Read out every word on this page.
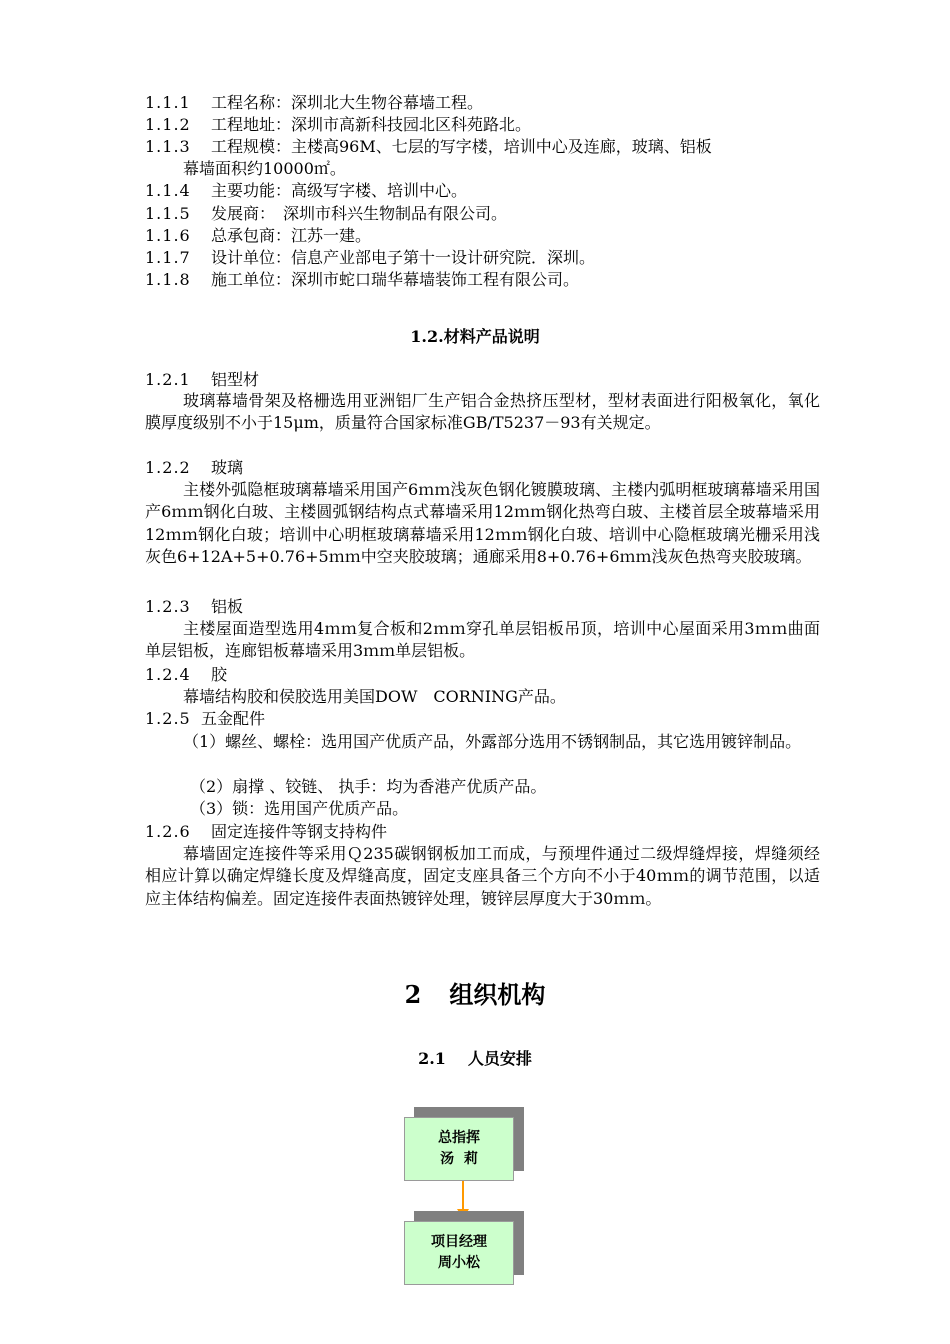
1.1.1 工程名称：深圳北大生物谷幕墙工程。
1.1.2 工程地址：深圳市高新科技园北区科苑路北。
1.1.3 工程规模：主楼高96M、七层的写字楼，培训中心及连廊，玻璃、铝板
幕墙面积约10000㎡。
1.1.4 主要功能：高级写字楼、培训中心。
1.1.5 发展商：　深圳市科兴生物制品有限公司。
1.1.6 总承包商：江苏一建。
1.1.7 设计单位：信息产业部电子第十一设计研究院．深圳。
1.1.8 施工单位：深圳市蛇口瑞华幕墙装饰工程有限公司。
1.2.材料产品说明
1.2.1 铝型材
玻璃幕墙骨架及格栅选用亚洲铝厂生产铝合金热挤压型材，型材表面进行阳极氧化，氧化膜厚度级别不小于15μm，质量符合国家标准GB/T5237－93有关规定。
1.2.2 玻璃
主楼外弧隐框玻璃幕墙采用国产6ｍｍ浅灰色钢化镀膜玻璃、主楼内弧明框玻璃幕墙采用国产6ｍｍ钢化白玻、主楼圆弧钢结构点式幕墙采用12ｍｍ钢化热弯白玻、主楼首层全玻幕墙采用12ｍｍ钢化白玻；培训中心明框玻璃幕墙采用12ｍｍ钢化白玻、培训中心隐框玻璃光栅采用浅灰色6+12A+5+0.76+5ｍｍ中空夹胶玻璃；通廊采用8+0.76+6ｍｍ浅灰色热弯夹胶玻璃。
1.2.3 铝板
主楼屋面造型选用4ｍｍ复合板和2ｍｍ穿孔单层铝板吊顶，培训中心屋面采用3ｍｍ曲面单层铝板，连廊铝板幕墙采用3ｍｍ单层铝板。
1.2.4 胶
幕墙结构胶和侯胶选用美国DOW　CORNING产品。
1.2.5 五金配件
（1）螺丝、螺栓：选用国产优质产品，外露部分选用不锈钢制品，其它选用镀锌制品。
（2）扇撑 、铰链、 执手：均为香港产优质产品。
（3）锁：选用国产优质产品。
1.2.6 固定连接件等钢支持构件
幕墙固定连接件等采用Ｑ235碳钢钢板加工而成，与预埋件通过二级焊缝焊接，焊缝须经相应计算以确定焊缝长度及焊缝高度，固定支座具备三个方向不小于40ｍｍ的调节范围，以适应主体结构偏差。固定连接件表面热镀锌处理，镀锌层厚度大于30ｍｍ。
2 组织机构
2.1 人员安排
总指挥
汤  莉
项目经理
周小松
